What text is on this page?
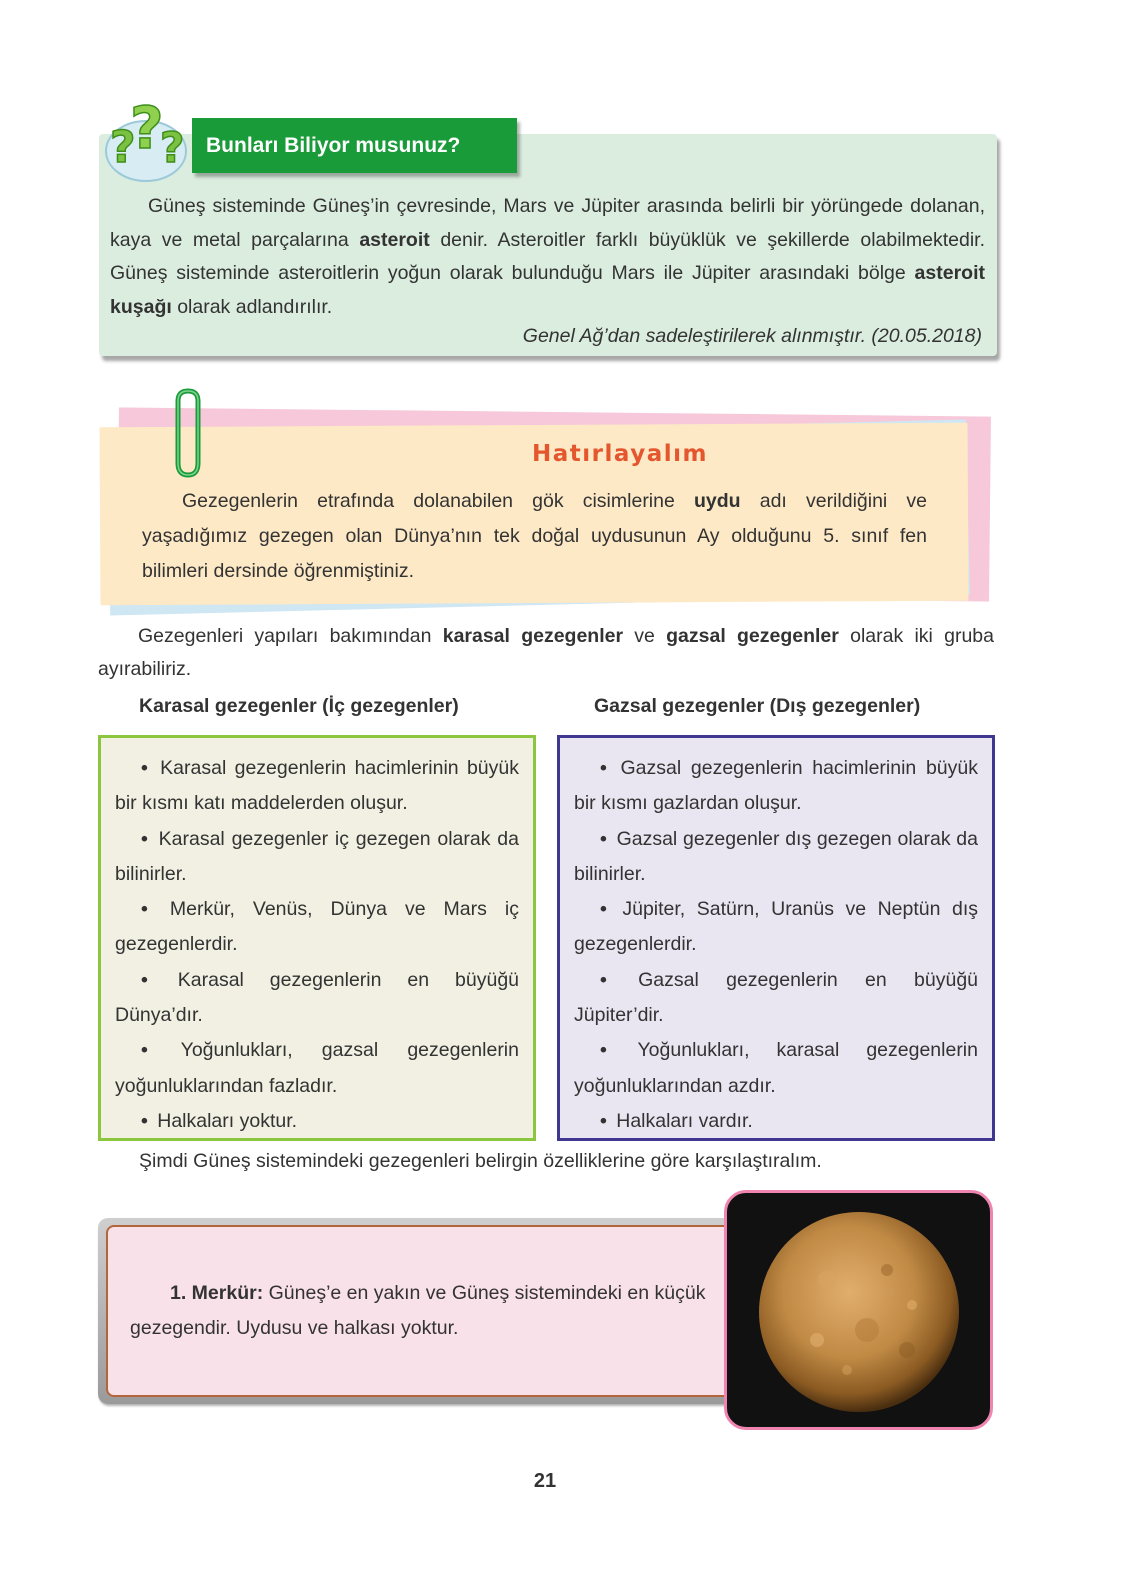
Bunları Biliyor musunuz?
?
?
?

Güneş sisteminde Güneş’in çevresinde, Mars ve Jüpiter arasında belirli bir yörüngede dolanan, kaya ve metal parçalarına asteroit denir. Asteroitler farklı büyüklük ve şekillerde olabilmektedir. Güneş sisteminde asteroitlerin yoğun olarak bulunduğu Mars ile Jüpiter arasındaki bölge asteroit kuşağı olarak adlandırılır.

Genel Ağ’dan sadeleştirilerek alınmıştır. (20.05.2018)
Hatırlayalım
Gezegenlerin etrafında dolanabilen gök cisimlerine uydu adı verildiğini ve yaşadığımız gezegen olan Dünya’nın tek doğal uydusunun Ay olduğunu 5. sınıf fen bilimleri dersinde öğrenmiştiniz.
Gezegenleri yapıları bakımından karasal gezegenler ve gazsal gezegenler olarak iki gruba ayırabiliriz.
Karasal gezegenler (İç gezegenler)	Gazsal gezegenler (Dış gezegenler)
• Karasal gezegenlerin hacimlerinin büyük bir kısmı katı maddelerden oluşur.
• Karasal gezegenler iç gezegen olarak da bilinirler.
• Merkür, Venüs, Dünya ve Mars iç gezegenlerdir.
• Karasal gezegenlerin en büyüğü Dünya’dır.
• Yoğunlukları, gazsal gezegenlerin yoğunluklarından fazladır.
• Halkaları yoktur.
• Gazsal gezegenlerin hacimlerinin büyük bir kısmı gazlardan oluşur.
• Gazsal gezegenler dış gezegen olarak da bilinirler.
• Jüpiter, Satürn, Uranüs ve Neptün dış gezegenlerdir.
• Gazsal gezegenlerin en büyüğü Jüpiter’dir.
• Yoğunlukları, karasal gezegenlerin yoğunluklarından azdır.
• Halkaları vardır.
Şimdi Güneş sistemindeki gezegenleri belirgin özelliklerine göre karşılaştıralım.
1. Merkür: Güneş’e en yakın ve Güneş sistemindeki en küçük gezegendir. Uydusu ve halkası yoktur.
21
